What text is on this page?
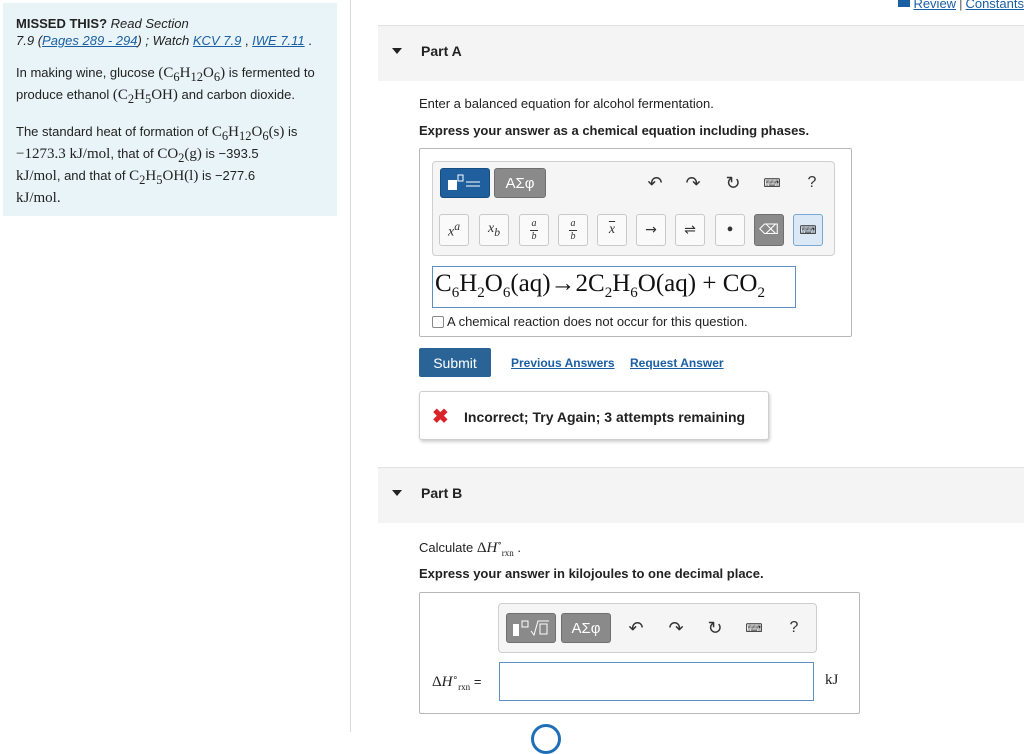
Review | Constants

MISSED THIS? Read Section
7.9 (Pages 289 - 294) ; Watch KCV 7.9 , IWE 7.11 .

In making wine, glucose $(C_6H_{12}O_6)$ is fermented to produce ethanol $(C_2H_5OH)$ and carbon dioxide.

The standard heat of formation of $C_6H_{12}O_6(s)$ is
−1273.3 kJ/mol, that of $CO_2(g)$ is −393.5
kJ/mol, and that of $C_2H_5OH(l)$ is −277.6
kJ/mol.

Part A
Enter a balanced equation for alcohol fermentation.
Express your answer as a chemical equation including phases.
ΑΣφ	↶ ↷ ↻ ⌨	?
$x^a$ $x_b$
a
b
a
b $\overline{x}$	→	⇌	•	⌫	⌨
$C_6H_2O_6(aq)\to 2C_2H_6O(aq) + CO_2$
A chemical reaction does not occur for this question.
Submit	Previous Answers Request Answer
✖ Incorrect; Try Again; 3 attempts remaining
Part B
Calculate $\Delta H^\circ_{rxn}$ .
Express your answer in kilojoules to one decimal place.
ΑΣφ	↶ ↷ ↻ ⌨	?
$\Delta H^\circ_{rxn}$ =	kJ
